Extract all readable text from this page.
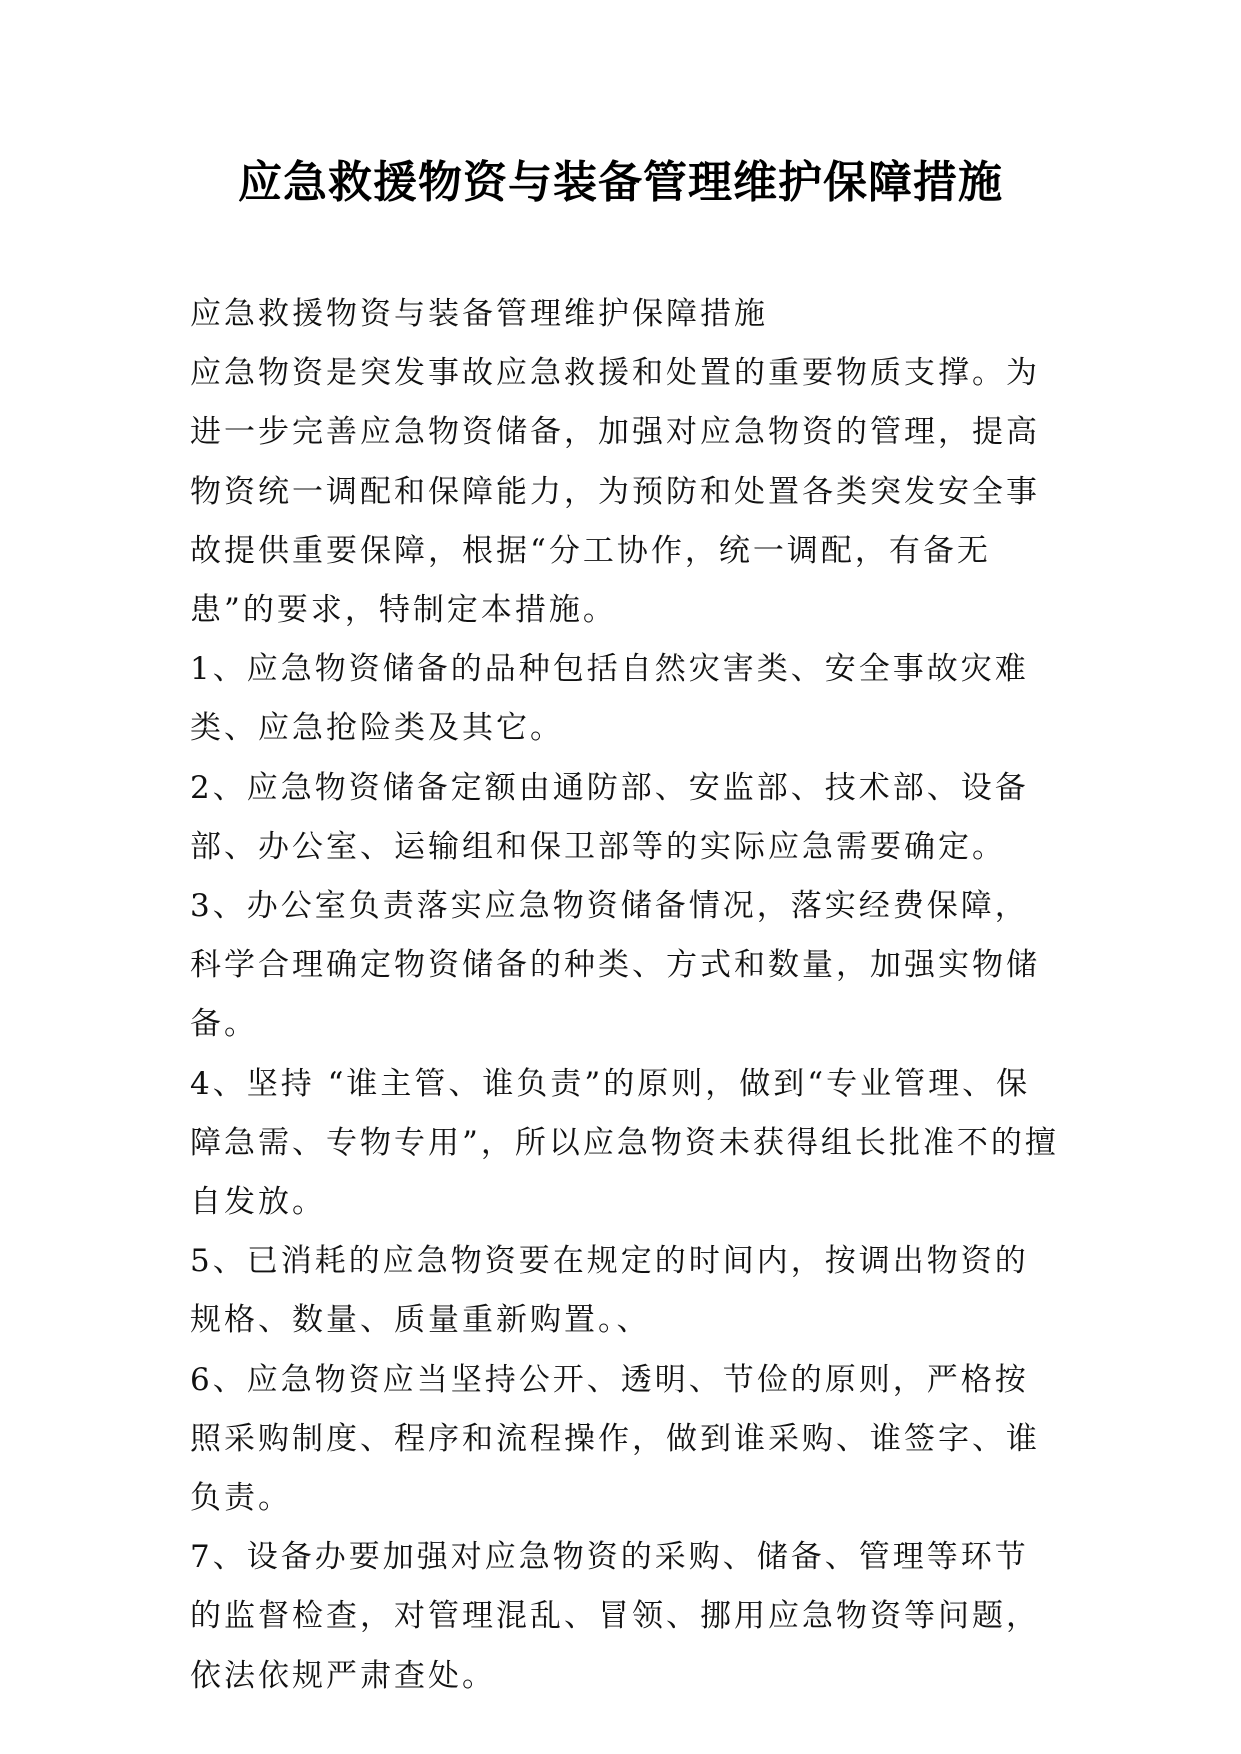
应急救援物资与装备管理维护保障措施

应急救援物资与装备管理维护保障措施

应急物资是突发事故应急救援和处置的重要物质支撑。为进一步完善应急物资储备，加强对应急物资的管理，提高物资统一调配和保障能力，为预防和处置各类突发安全事故提供重要保障，根据“分工协作，统一调配，有备无患”的要求，特制定本措施。

1、应急物资储备的品种包括自然灾害类、安全事故灾难类、应急抢险类及其它。

2、应急物资储备定额由通防部、安监部、技术部、设备部、办公室、运输组和保卫部等的实际应急需要确定。

3、办公室负责落实应急物资储备情况，落实经费保障，科学合理确定物资储备的种类、方式和数量，加强实物储备。

4、坚持 “谁主管、谁负责”的原则，做到“专业管理、保障急需、专物专用”，所以应急物资未获得组长批准不的擅自发放。

5、已消耗的应急物资要在规定的时间内，按调出物资的规格、数量、质量重新购置。、

6、应急物资应当坚持公开、透明、节俭的原则，严格按照采购制度、程序和流程操作，做到谁采购、谁签字、谁负责。

7、设备办要加强对应急物资的采购、储备、管理等环节的监督检查，对管理混乱、冒领、挪用应急物资等问题，依法依规严肃查处。
